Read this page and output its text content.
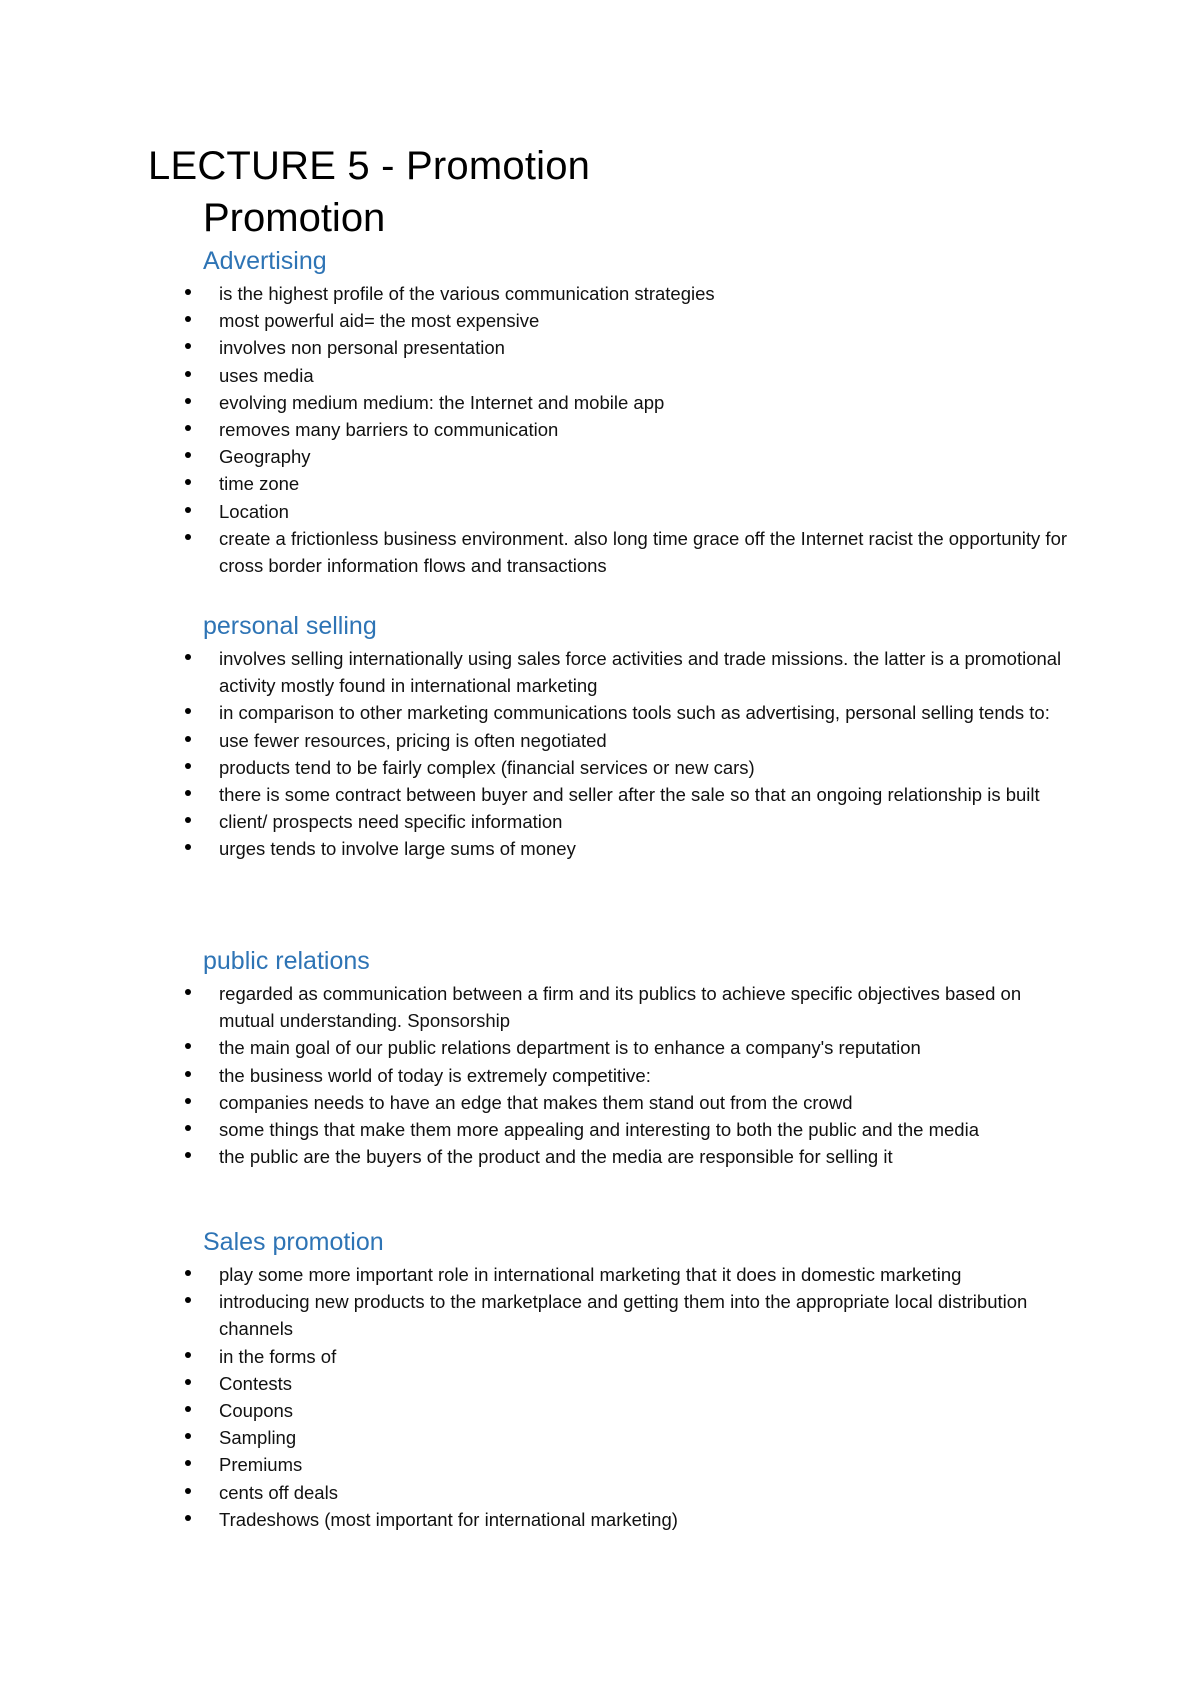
LECTURE 5 - Promotion
Promotion
Advertising
is the highest profile of the various communication strategies
most powerful aid= the most expensive
involves non personal presentation
uses media
evolving medium medium: the Internet and mobile app
removes many barriers to communication
Geography
time zone
Location
create a frictionless business environment. also long time grace off the Internet racist the opportunity for cross border information flows and transactions
personal selling
involves selling internationally using sales force activities and trade missions. the latter is a promotional activity mostly found in international marketing
in comparison to other marketing communications tools such as advertising, personal selling tends to:
use fewer resources, pricing is often negotiated
products tend to be fairly complex (financial services or new cars)
there is some contract between buyer and seller after the sale so that an ongoing relationship is built
client/ prospects need specific information
urges tends to involve large sums of money
public relations
regarded as communication between a firm and its publics to achieve specific objectives based on mutual understanding. Sponsorship
the main goal of our public relations department is to enhance a company's reputation
the business world of today is extremely competitive:
companies needs to have an edge that makes them stand out from the crowd
some things that make them more appealing and interesting to both the public and the media
the public are the buyers of the product and the media are responsible for selling it
Sales promotion
play some more important role in international marketing that it does in domestic marketing
introducing new products to the marketplace and getting them into the appropriate local distribution channels
in the forms of
Contests
Coupons
Sampling
Premiums
cents off deals
Tradeshows (most important for international marketing)
